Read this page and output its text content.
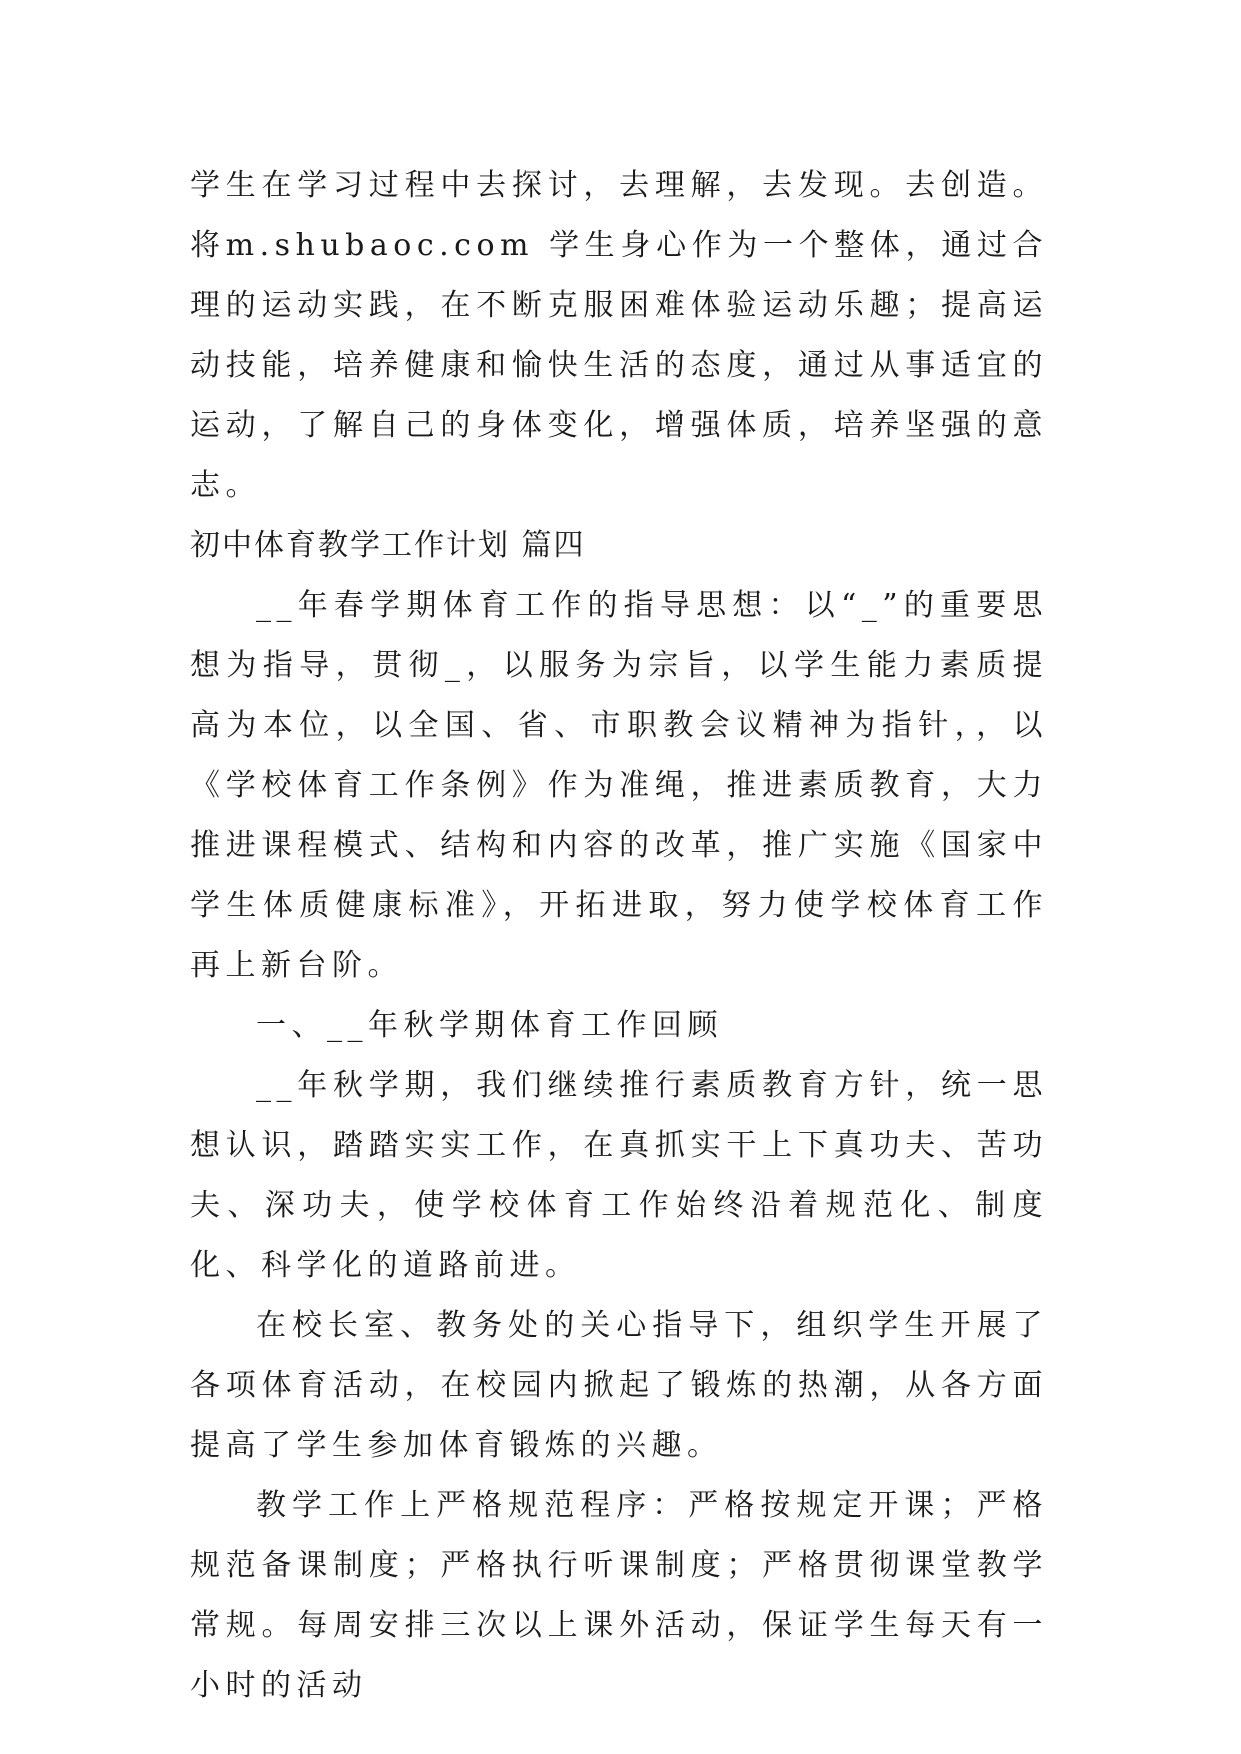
学生在学习过程中去探讨，去理解，去发现。去创造。将m.shubaoc.com 学生身心作为一个整体，通过合理的运动实践，在不断克服困难体验运动乐趣；提高运动技能，培养健康和愉快生活的态度，通过从事适宜的运动，了解自己的身体变化，增强体质，培养坚强的意志。

初中体育教学工作计划 篇四

__年春学期体育工作的指导思想：以“_”的重要思想为指导，贯彻_，以服务为宗旨，以学生能力素质提高为本位，以全国、省、市职教会议精神为指针，，以《学校体育工作条例》作为准绳，推进素质教育，大力推进课程模式、结构和内容的改革，推广实施《国家中学生体质健康标准》，开拓进取，努力使学校体育工作再上新台阶。

一、__年秋学期体育工作回顾

__年秋学期，我们继续推行素质教育方针，统一思想认识，踏踏实实工作，在真抓实干上下真功夫、苦功夫、深功夫，使学校体育工作始终沿着规范化、制度化、科学化的道路前进。

在校长室、教务处的关心指导下，组织学生开展了各项体育活动，在校园内掀起了锻炼的热潮，从各方面提高了学生参加体育锻炼的兴趣。

教学工作上严格规范程序：严格按规定开课；严格规范备课制度；严格执行听课制度；严格贯彻课堂教学常规。每周安排三次以上课外活动，保证学生每天有一小时的活动
